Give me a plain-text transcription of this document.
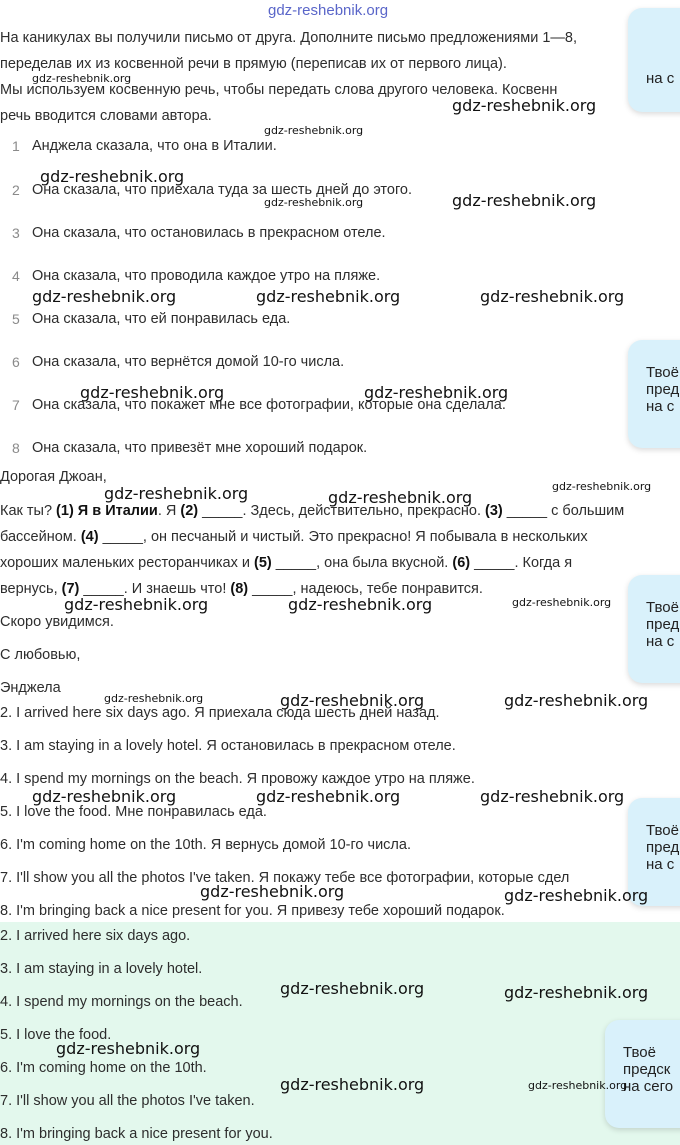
gdz-reshebnik.org
На каникулах вы получили письмо от друга. Дополните письмо предложениями 1—8,
переделав их из косвенной речи в прямую (переписав их от первого лица).
Мы используем косвенную речь, чтобы передать слова другого человека. Косвенн
речь вводится словами автора.
1 Анджела сказала, что она в Италии.
2 Она сказала, что приехала туда за шесть дней до этого.
3 Она сказала, что остановилась в прекрасном отеле.
4 Она сказала, что проводила каждое утро на пляже.
5 Она сказала, что ей понравилась еда.
6 Она сказала, что вернётся домой 10-го числа.
7 Она сказала, что покажет мне все фотографии, которые она сделала.
8 Она сказала, что привезёт мне хороший подарок.
Дорогая Джоан,
Как ты? (1) Я в Италии. Я (2) _____. Здесь, действительно, прекрасно. (3) _____ с большим
бассейном. (4) _____, он песчаный и чистый. Это прекрасно! Я побывала в нескольких
хороших маленьких ресторанчиках и (5) _____, она была вкусной. (6) _____. Когда я
вернусь, (7) _____. И знаешь что! (8) _____, надеюсь, тебе понравится.
Скоро увидимся.
С любовью,
Энджела
2. I arrived here six days ago. Я приехала сюда шесть дней назад.
3. I am staying in a lovely hotel. Я остановилась в прекрасном отеле.
4. I spend my mornings on the beach. Я провожу каждое утро на пляже.
5. I love the food. Мне понравилась еда.
6. I'm coming home on the 10th. Я вернусь домой 10-го числа.
7. I'll show you all the photos I've taken. Я покажу тебе все фотографии, которые сдел
8. I'm bringing back a nice present for you. Я привезу тебе хороший подарок.
2. I arrived here six days ago.
3. I am staying in a lovely hotel.
4. I spend my mornings on the beach.
5. I love the food.
6. I'm coming home on the 10th.
7. I'll show you all the photos I've taken.
8. I'm bringing back a nice present for you.
на с
Твоё
пред
на с
Твоё
пред
на с
Твоё
пред
на с
Твоё
предск
на сего
gdz-reshebnik.org
gdz-reshebnik.org
gdz-reshebnik.org
gdz-reshebnik.org
gdz-reshebnik.org	gdz-reshebnik.org
gdz-reshebnik.org	gdz-reshebnik.org	gdz-reshebnik.org
gdz-reshebnik.org	gdz-reshebnik.org
gdz-reshebnik.org	gdz-reshebnik.org
gdz-reshebnik.org
gdz-reshebnik.org	gdz-reshebnik.org	gdz-reshebnik.org
gdz-reshebnik.org	gdz-reshebnik.org	gdz-reshebnik.org
gdz-reshebnik.org	gdz-reshebnik.org	gdz-reshebnik.org
gdz-reshebnik.org	gdz-reshebnik.org
gdz-reshebnik.org	gdz-reshebnik.org
gdz-reshebnik.org
gdz-reshebnik.org	gdz-reshebnik.org
